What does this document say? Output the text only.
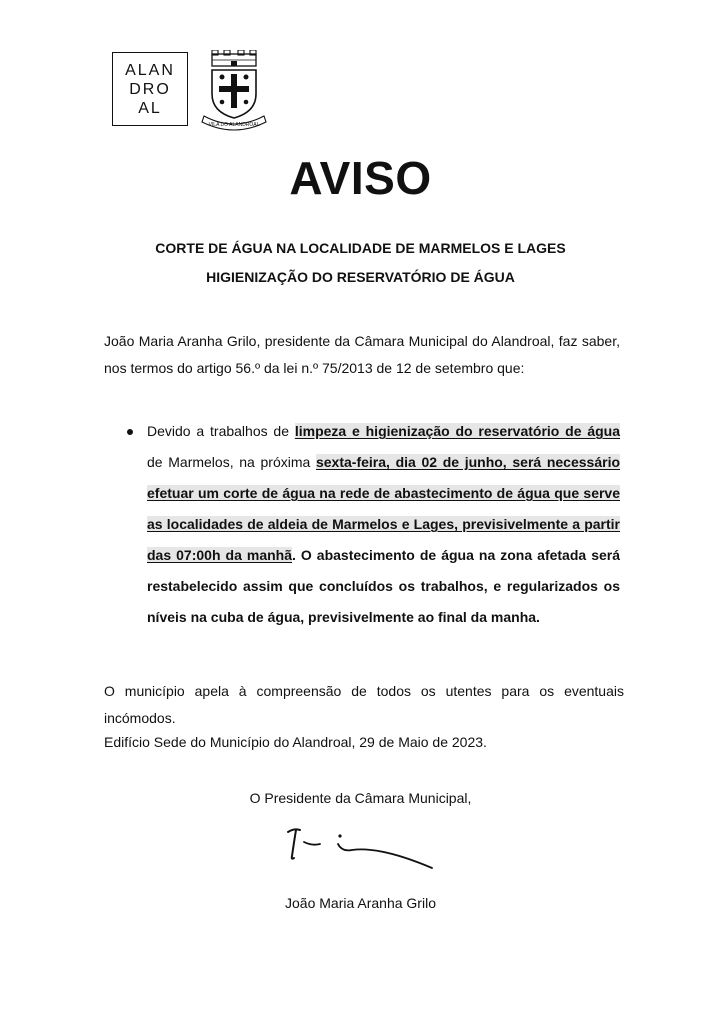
ALAN
DRO
AL
VILA DO ALANDROAL
AVISO
CORTE DE ÁGUA NA LOCALIDADE DE MARMELOS E LAGES
HIGIENIZAÇÃO DO RESERVATÓRIO DE ÁGUA
João Maria Aranha Grilo, presidente da Câmara Municipal do Alandroal, faz saber, nos termos do artigo 56.º da lei n.º 75/2013 de 12 de setembro que:
Devido a trabalhos de limpeza e higienização do reservatório de água de Marmelos, na próxima sexta-feira, dia 02 de junho, será necessário efetuar um corte de água na rede de abastecimento de água que serve as localidades de aldeia de Marmelos e Lages, previsivelmente a partir das 07:00h da manhã. O abastecimento de água na zona afetada será restabelecido assim que concluídos os trabalhos, e regularizados os níveis na cuba de água, previsivelmente ao final da manha.
O município apela à compreensão de todos os utentes para os eventuais incómodos.
Edifício Sede do Município do Alandroal, 29 de Maio de 2023.
O Presidente da Câmara Municipal,
João Maria Aranha Grilo
